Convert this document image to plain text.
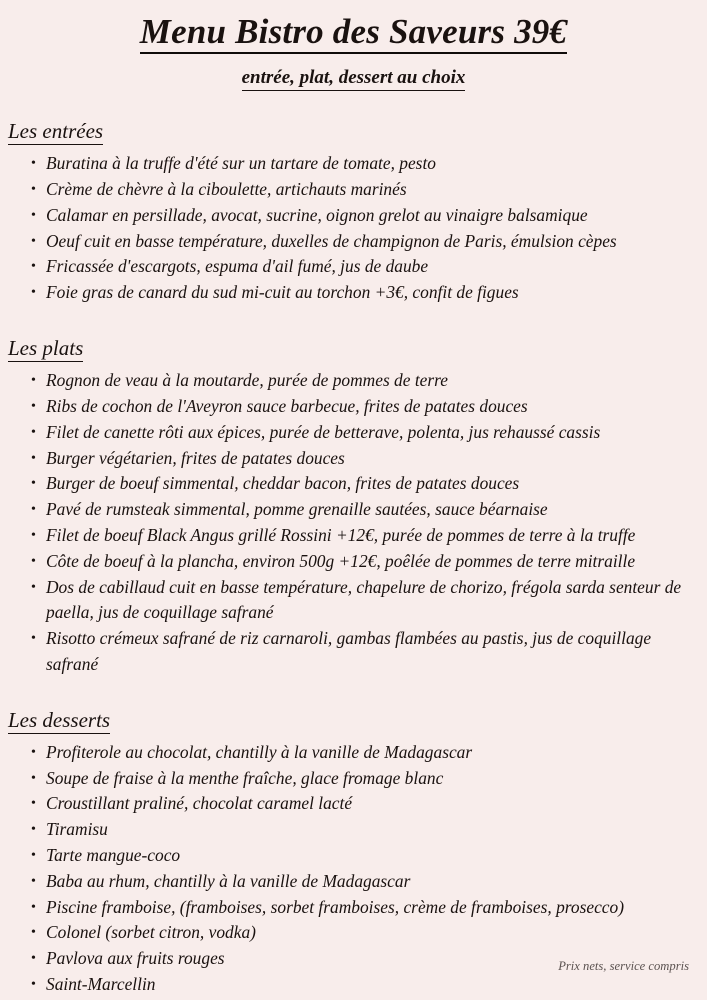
Menu Bistro des Saveurs 39€
entrée, plat, dessert au choix
Les entrées
• Buratina à la truffe d'été sur un tartare de tomate, pesto
• Crème de chèvre à la ciboulette, artichauts marinés
• Calamar en persillade, avocat, sucrine, oignon grelot au vinaigre balsamique
• Oeuf cuit en basse température, duxelles de champignon de Paris, émulsion cèpes
• Fricassée d'escargots, espuma d'ail fumé, jus de daube
• Foie gras de canard du sud mi-cuit au torchon +3€, confit de figues
Les plats
• Rognon de veau à la moutarde, purée de pommes de terre
• Ribs de cochon de l'Aveyron sauce barbecue, frites de patates douces
• Filet de canette rôti aux épices, purée de betterave, polenta, jus rehaussé cassis
• Burger végétarien, frites de patates douces
• Burger de boeuf simmental, cheddar bacon, frites de patates douces
• Pavé de rumsteak simmental, pomme grenaille sautées, sauce béarnaise
• Filet de boeuf Black Angus grillé Rossini +12€, purée de pommes de terre à la truffe
• Côte de boeuf à la plancha, environ 500g +12€, poêlée de pommes de terre mitraille
• Dos de cabillaud cuit en basse température, chapelure de chorizo, frégola sarda senteur de paella, jus de coquillage safrané
• Risotto crémeux safrané de riz carnaroli, gambas flambées au pastis, jus de coquillage safrané
Les desserts
• Profiterole au chocolat, chantilly à la vanille de Madagascar
• Soupe de fraise à la menthe fraîche, glace fromage blanc
• Croustillant praliné, chocolat caramel lacté
• Tiramisu
• Tarte mangue-coco
• Baba au rhum, chantilly à la vanille de Madagascar
• Piscine framboise, (framboises, sorbet framboises, crème de framboises, prosecco)
• Colonel (sorbet citron, vodka)
• Pavlova aux fruits rouges
• Saint-Marcellin
Prix nets, service compris
